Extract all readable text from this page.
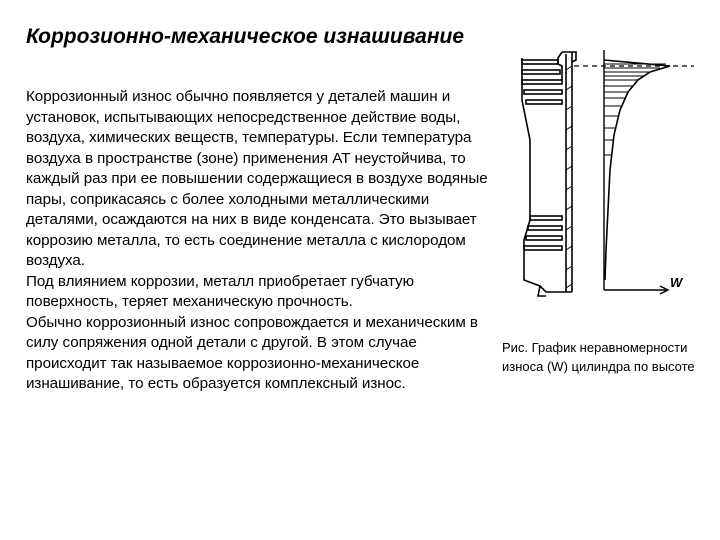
Коррозионно-механическое изнашивание

Коррозионный износ обычно появляется у деталей машин и установок, испытывающих непосредственное действие воды, воздуха, химических веществ, температуры. Если температура воздуха в пространстве (зоне) применения АТ неустойчива, то каждый раз при ее повышении содержащиеся в воздухе водяные пары, соприкасаясь с более холодными металлическими деталями, осаждаются на них в виде конденсата. Это вызывает коррозию металла, то есть соединение металла с кислородом воздуха.

Под влиянием коррозии, металл приобретает губчатую поверхность, теряет механическую прочность.

Обычно коррозионный износ сопровождается и механическим в силу сопряжения одной детали с другой. В этом случае происходит так называемое коррозионно-механическое изнашивание, то есть образуется комплексный износ.

W

Рис. График неравномерности износа (W) цилиндра по высоте
